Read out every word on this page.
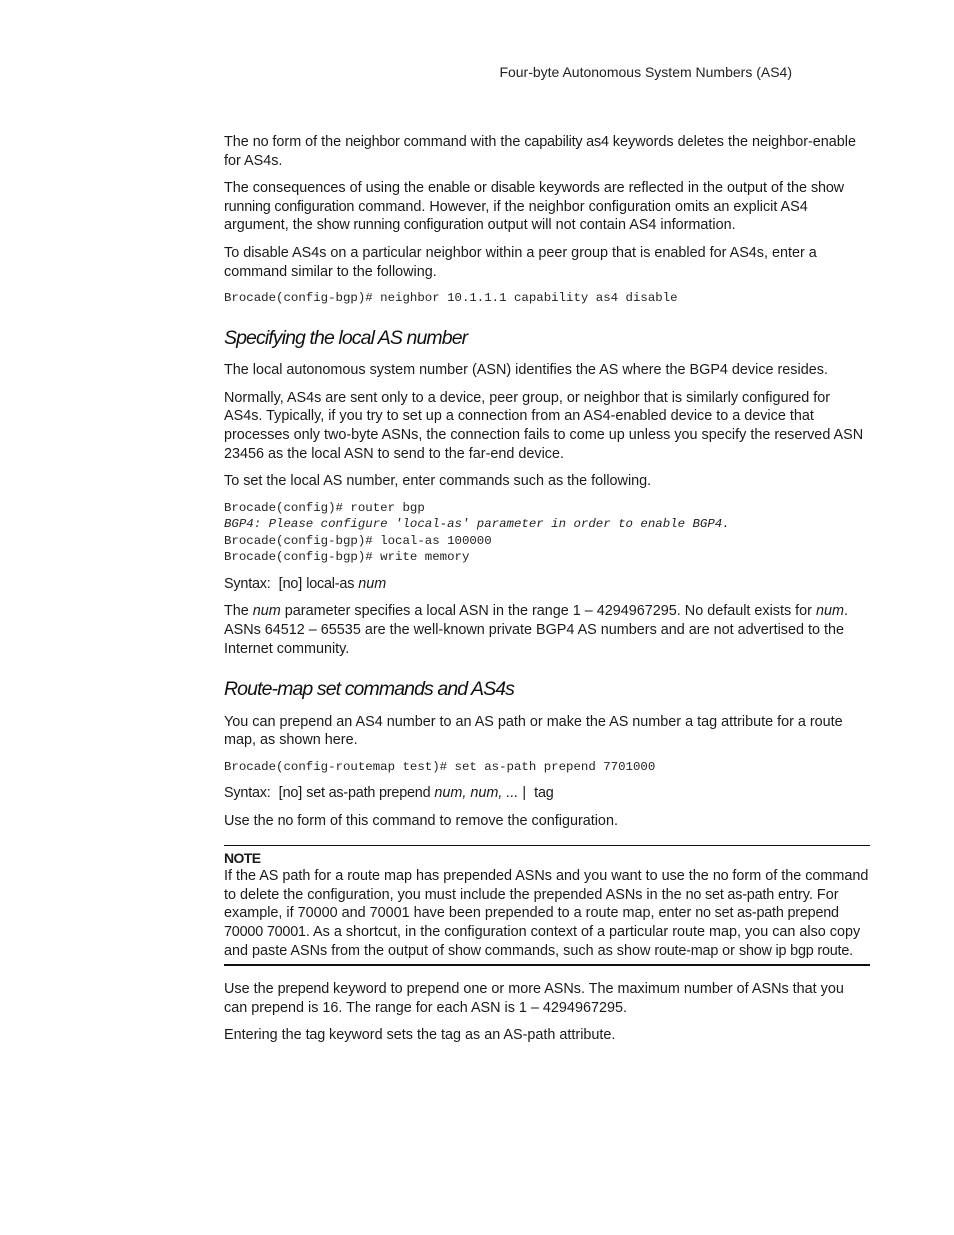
Four-byte Autonomous System Numbers (AS4)

The no form of the neighbor command with the capability as4 keywords deletes the neighbor-enable for AS4s.

The consequences of using the enable or disable keywords are reflected in the output of the show running configuration command. However, if the neighbor configuration omits an explicit AS4 argument, the show running configuration output will not contain AS4 information.

To disable AS4s on a particular neighbor within a peer group that is enabled for AS4s, enter a command similar to the following.

Brocade(config-bgp)# neighbor 10.1.1.1 capability as4 disable
Specifying the local AS number

The local autonomous system number (ASN) identifies the AS where the BGP4 device resides.

Normally, AS4s are sent only to a device, peer group, or neighbor that is similarly configured for AS4s. Typically, if you try to set up a connection from an AS4-enabled device to a device that processes only two-byte ASNs, the connection fails to come up unless you specify the reserved ASN 23456 as the local ASN to send to the far-end device.

To set the local AS number, enter commands such as the following.

Brocade(config)# router bgp
BGP4: Please configure 'local-as' parameter in order to enable BGP4.
Brocade(config-bgp)# local-as 100000
Brocade(config-bgp)# write memory
Syntax: [no] local-as num

The num parameter specifies a local ASN in the range 1 – 4294967295. No default exists for num. ASNs 64512 – 65535 are the well-known private BGP4 AS numbers and are not advertised to the Internet community.

Route-map set commands and AS4s

You can prepend an AS4 number to an AS path or make the AS number a tag attribute for a route map, as shown here.

Brocade(config-routemap test)# set as-path prepend 7701000
Syntax: [no] set as-path prepend num, num, ... |  tag

Use the no form of this command to remove the configuration.

NOTE

If the AS path for a route map has prepended ASNs and you want to use the no form of the command to delete the configuration, you must include the prepended ASNs in the no set as-path entry. For example, if 70000 and 70001 have been prepended to a route map, enter no set as-path prepend 70000 70001. As a shortcut, in the configuration context of a particular route map, you can also copy and paste ASNs from the output of show commands, such as show route-map or show ip bgp route.

Use the prepend keyword to prepend one or more ASNs. The maximum number of ASNs that you can prepend is 16. The range for each ASN is 1 – 4294967295.

Entering the tag keyword sets the tag as an AS-path attribute.
